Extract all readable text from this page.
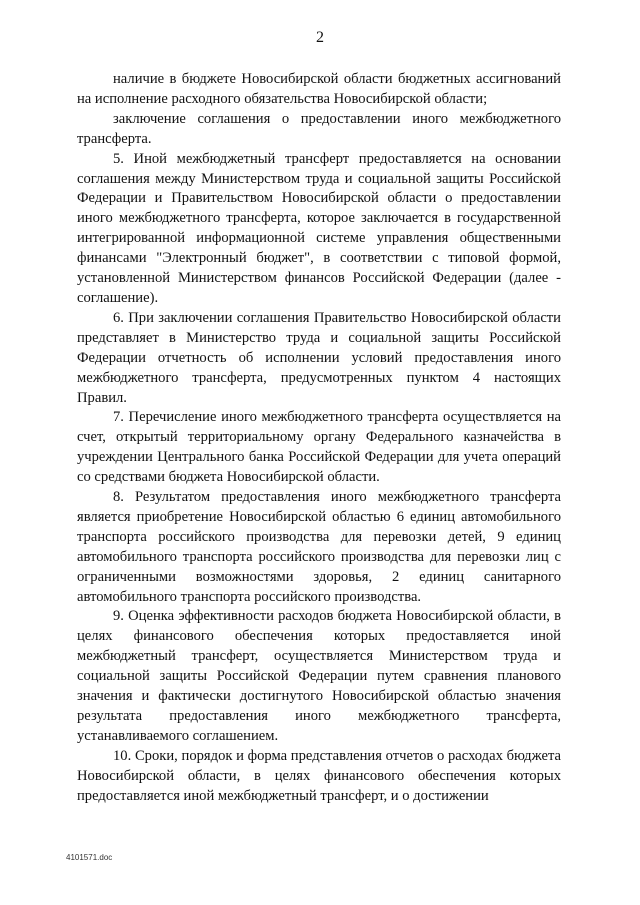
2

наличие в бюджете Новосибирской области бюджетных ассигнований на исполнение расходного обязательства Новосибирской области;

заключение соглашения о предоставлении иного межбюджетного трансферта.

5. Иной межбюджетный трансферт предоставляется на основании соглашения между Министерством труда и социальной защиты Российской Федерации и Правительством Новосибирской области о предоставлении иного межбюджетного трансферта, которое заключается в государственной интегрированной информационной системе управления общественными финансами "Электронный бюджет", в соответствии с типовой формой, установленной Министерством финансов Российской Федерации (далее - соглашение).

6. При заключении соглашения Правительство Новосибирской области представляет в Министерство труда и социальной защиты Российской Федерации отчетность об исполнении условий предоставления иного межбюджетного трансферта, предусмотренных пунктом 4 настоящих Правил.

7. Перечисление иного межбюджетного трансферта осуществляется на счет, открытый территориальному органу Федерального казначейства в учреждении Центрального банка Российской Федерации для учета операций со средствами бюджета Новосибирской области.

8. Результатом предоставления иного межбюджетного трансферта является приобретение Новосибирской областью 6 единиц автомобильного транспорта российского производства для перевозки детей, 9 единиц автомобильного транспорта российского производства для перевозки лиц с ограниченными возможностями здоровья, 2 единиц санитарного автомобильного транспорта российского производства.

9. Оценка эффективности расходов бюджета Новосибирской области, в целях финансового обеспечения которых предоставляется иной межбюджетный трансферт, осуществляется Министерством труда и социальной защиты Российской Федерации путем сравнения планового значения и фактически достигнутого Новосибирской областью значения результата предоставления иного межбюджетного трансферта, устанавливаемого соглашением.

10. Сроки, порядок и форма представления отчетов о расходах бюджета Новосибирской области, в целях финансового обеспечения которых предоставляется иной межбюджетный трансферт, и о достижении

4101571.doc
